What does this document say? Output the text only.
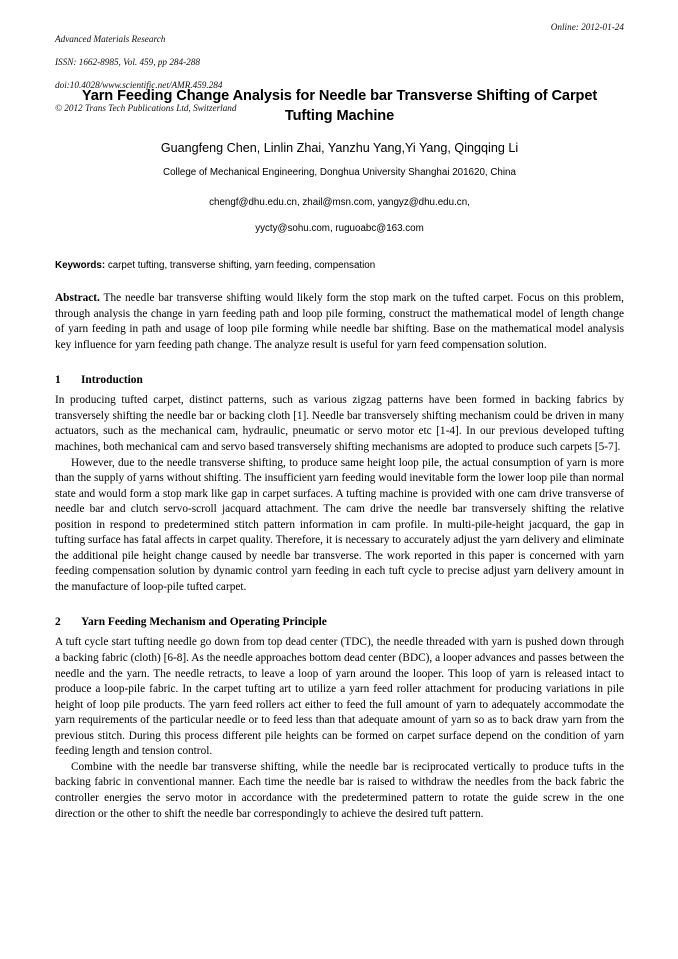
Advanced Materials Research

ISSN: 1662-8985, Vol. 459, pp 284-288

doi:10.4028/www.scientific.net/AMR.459.284

© 2012 Trans Tech Publications Ltd, Switzerland

Online: 2012-01-24
Yarn Feeding Change Analysis for Needle bar Transverse Shifting of Carpet Tufting Machine
Guangfeng Chen, Linlin Zhai, Yanzhu Yang,Yi Yang, Qingqing Li
College of Mechanical Engineering, Donghua University Shanghai 201620, China
chengf@dhu.edu.cn, zhail@msn.com, yangyz@dhu.edu.cn,
yycty@sohu.com, ruguoabc@163.com
Keywords: carpet tufting, transverse shifting, yarn feeding, compensation
Abstract. The needle bar transverse shifting would likely form the stop mark on the tufted carpet. Focus on this problem, through analysis the change in yarn feeding path and loop pile forming, construct the mathematical model of length change of yarn feeding in path and usage of loop pile forming while needle bar shifting. Base on the mathematical model analysis key influence for yarn feeding path change. The analyze result is useful for yarn feed compensation solution.
1 Introduction

In producing tufted carpet, distinct patterns, such as various zigzag patterns have been formed in backing fabrics by transversely shifting the needle bar or backing cloth [1]. Needle bar transversely shifting mechanism could be driven in many actuators, such as the mechanical cam, hydraulic, pneumatic or servo motor etc [1-4]. In our previous developed tufting machines, both mechanical cam and servo based transversely shifting mechanisms are adopted to produce such carpets [5-7].

However, due to the needle transverse shifting, to produce same height loop pile, the actual consumption of yarn is more than the supply of yarns without shifting. The insufficient yarn feeding would inevitable form the lower loop pile than normal state and would form a stop mark like gap in carpet surfaces. A tufting machine is provided with one cam drive transverse of needle bar and clutch servo-scroll jacquard attachment. The cam drive the needle bar transversely shifting the relative position in respond to predetermined stitch pattern information in cam profile. In multi-pile-height jacquard, the gap in tufting surface has fatal affects in carpet quality. Therefore, it is necessary to accurately adjust the yarn delivery and eliminate the additional pile height change caused by needle bar transverse. The work reported in this paper is concerned with yarn feeding compensation solution by dynamic control yarn feeding in each tuft cycle to precise adjust yarn delivery amount in the manufacture of loop-pile tufted carpet.

2 Yarn Feeding Mechanism and Operating Principle

A tuft cycle start tufting needle go down from top dead center (TDC), the needle threaded with yarn is pushed down through a backing fabric (cloth) [6-8]. As the needle approaches bottom dead center (BDC), a looper advances and passes between the needle and the yarn. The needle retracts, to leave a loop of yarn around the looper. This loop of yarn is released intact to produce a loop-pile fabric. In the carpet tufting art to utilize a yarn feed roller attachment for producing variations in pile height of loop pile products. The yarn feed rollers act either to feed the full amount of yarn to adequately accommodate the yarn requirements of the particular needle or to feed less than that adequate amount of yarn so as to back draw yarn from the previous stitch. During this process different pile heights can be formed on carpet surface depend on the condition of yarn feeding length and tension control.

Combine with the needle bar transverse shifting, while the needle bar is reciprocated vertically to produce tufts in the backing fabric in conventional manner. Each time the needle bar is raised to withdraw the needles from the back fabric the controller energies the servo motor in accordance with the predetermined pattern to rotate the guide screw in the one direction or the other to shift the needle bar correspondingly to achieve the desired tuft pattern.
